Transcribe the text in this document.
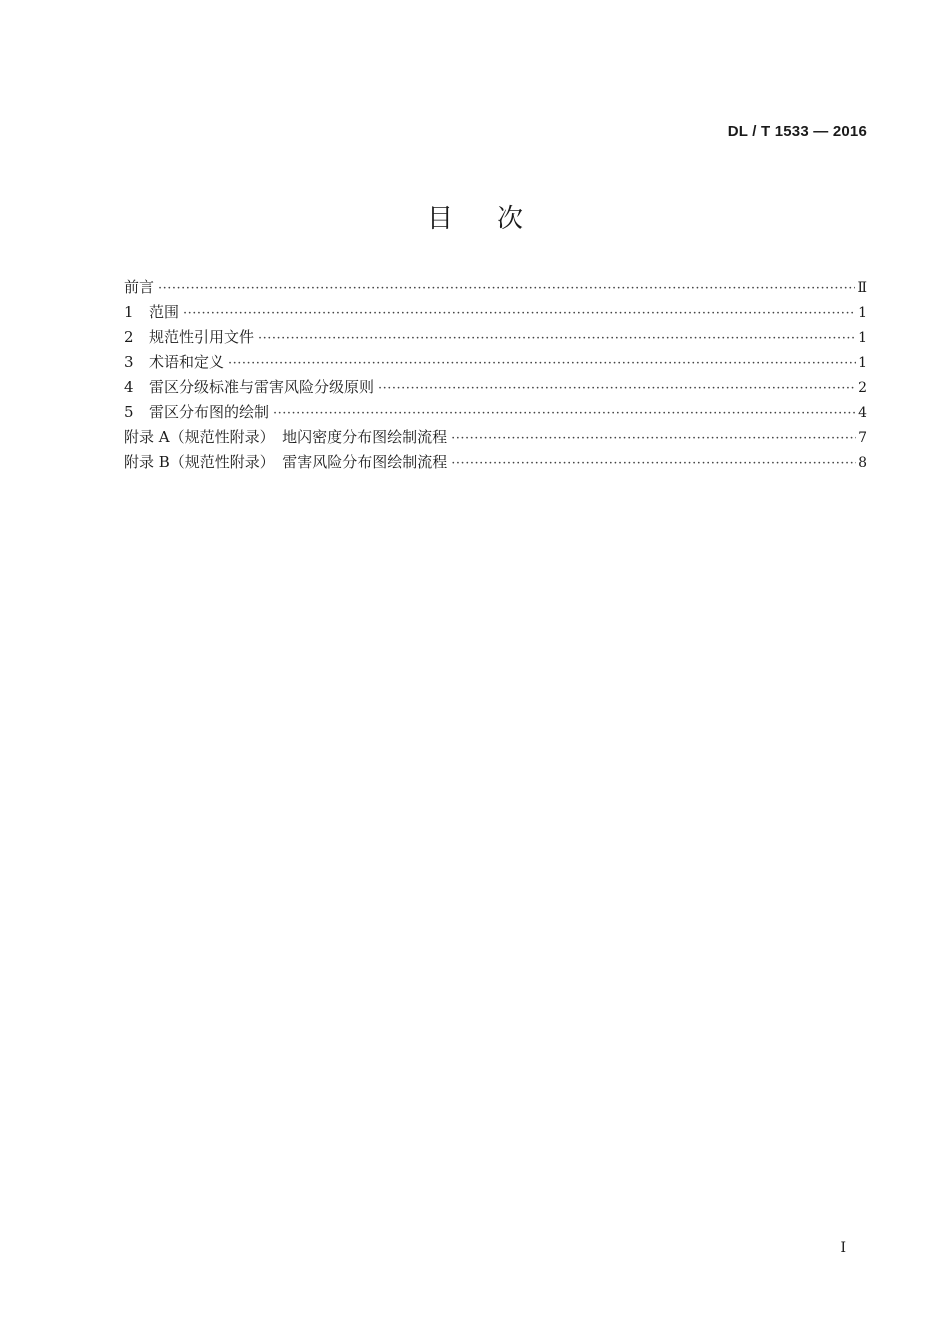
DL / T 1533 — 2016
目次
前言 ·····	Ⅱ
1 范围 ·····	1
2 规范性引用文件 ·····	1
3 术语和定义 ·····	1
4 雷区分级标准与雷害风险分级原则 ·····	2
5 雷区分布图的绘制 ·····	4
附录 A（规范性附录）　地闪密度分布图绘制流程 ·····	7
附录 B（规范性附录）　雷害风险分布图绘制流程 ·····	8
I
